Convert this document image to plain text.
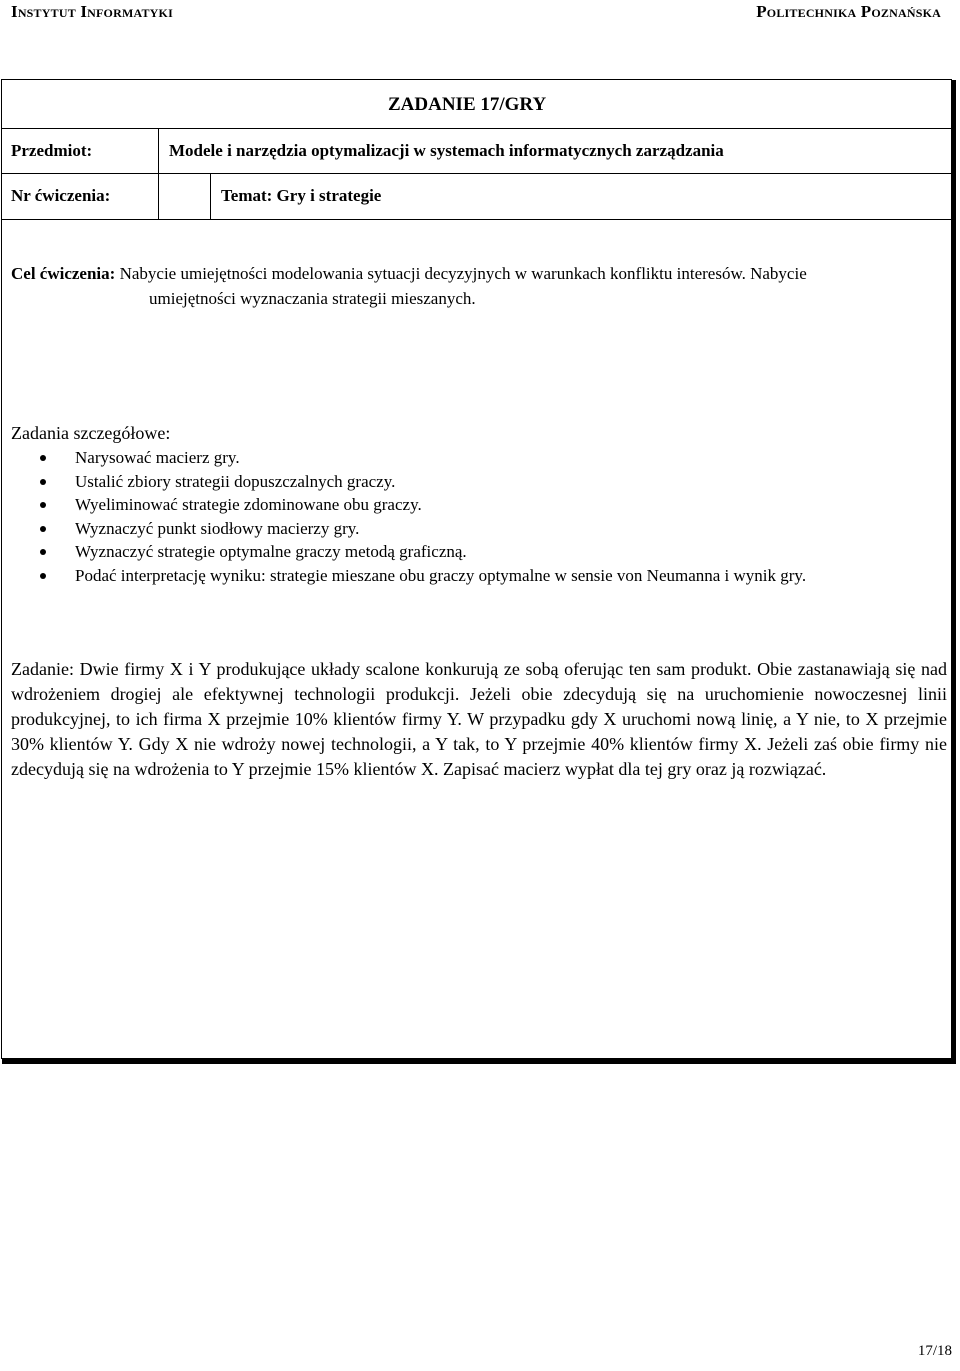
Instytut Informatyki	Politechnika Poznańska
ZADANIE 17/GRY
Przedmiot:	Modele i narzędzia optymalizacji w systemach informatycznych zarządzania
Nr ćwiczenia:	Temat: Gry i strategie
Cel ćwiczenia: Nabycie umiejętności modelowania sytuacji decyzyjnych w warunkach konfliktu interesów. Nabycie
umiejętności wyznaczania strategii mieszanych.
Zadania szczegółowe:
Narysować macierz gry.
Ustalić zbiory strategii dopuszczalnych graczy.
Wyeliminować strategie zdominowane obu graczy.
Wyznaczyć punkt siodłowy macierzy gry.
Wyznaczyć strategie optymalne graczy metodą graficzną.
Podać interpretację wyniku: strategie mieszane obu graczy optymalne w sensie von Neumanna i wynik gry.
Zadanie: Dwie firmy X i Y produkujące układy scalone konkurują ze sobą oferując ten sam produkt. Obie zastanawiają się nad wdrożeniem drogiej ale efektywnej technologii produkcji. Jeżeli obie zdecydują się na uruchomienie nowoczesnej linii produkcyjnej, to ich firma X przejmie 10% klientów firmy Y. W przypadku gdy X uruchomi nową linię, a Y nie, to X przejmie 30% klientów Y. Gdy X nie wdroży nowej technologii, a Y tak, to Y przejmie 40% klientów firmy X. Jeżeli zaś obie firmy nie zdecydują się na wdrożenia to Y przejmie 15% klientów X. Zapisać macierz wypłat dla tej gry oraz ją rozwiązać.
17/18
